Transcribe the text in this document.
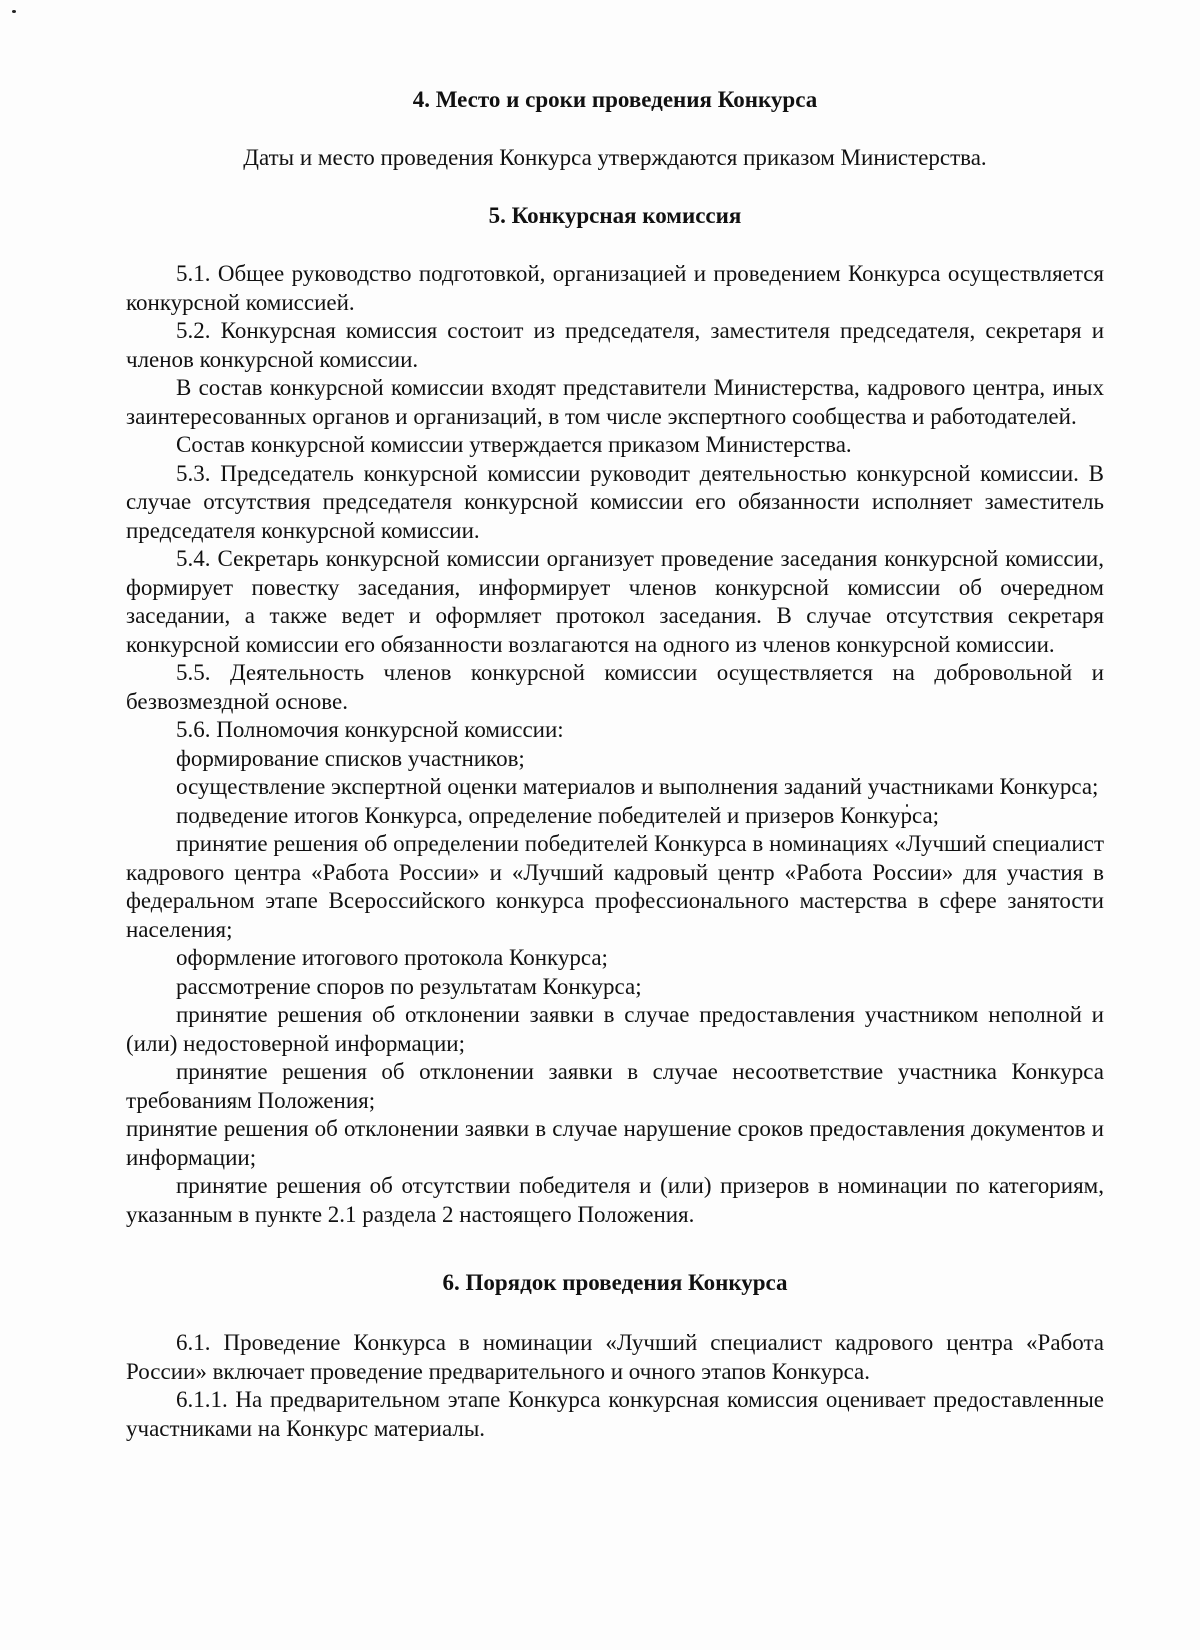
4. Место и сроки проведения Конкурса

Даты и место проведения Конкурса утверждаются приказом Министерства.

5. Конкурсная комиссия

5.1. Общее руководство подготовкой, организацией и проведением Конкурса осуществляется конкурсной комиссией.

5.2. Конкурсная комиссия состоит из председателя, заместителя председателя, секретаря и членов конкурсной комиссии.

В состав конкурсной комиссии входят представители Министерства, кадрового центра, иных заинтересованных органов и организаций, в том числе экспертного сообщества и работодателей.

Состав конкурсной комиссии утверждается приказом Министерства.

5.3. Председатель конкурсной комиссии руководит деятельностью конкурсной комиссии. В случае отсутствия председателя конкурсной комиссии его обязанности исполняет заместитель председателя конкурсной комиссии.

5.4. Секретарь конкурсной комиссии организует проведение заседания конкурсной комиссии, формирует повестку заседания, информирует членов конкурсной комиссии об очередном заседании, а также ведет и оформляет протокол заседания. В случае отсутствия секретаря конкурсной комиссии его обязанности возлагаются на одного из членов конкурсной комиссии.

5.5. Деятельность членов конкурсной комиссии осуществляется на добровольной и безвозмездной основе.

5.6. Полномочия конкурсной комиссии:

формирование списков участников;

осуществление экспертной оценки материалов и выполнения заданий участниками Конкурса;

подведение итогов Конкурса, определение победителей и призеров Конкурса;

принятие решения об определении победителей Конкурса в номинациях «Лучший специалист кадрового центра «Работа России» и «Лучший кадровый центр «Работа России» для участия в федеральном этапе Всероссийского конкурса профессионального мастерства в сфере занятости населения;

оформление итогового протокола Конкурса;

рассмотрение споров по результатам Конкурса;

принятие решения об отклонении заявки в случае предоставления участником неполной и (или) недостоверной информации;

принятие решения об отклонении заявки в случае несоответствие участника Конкурса требованиям Положения;

принятие решения об отклонении заявки в случае нарушение сроков предоставления документов и информации;

принятие решения об отсутствии победителя и (или) призеров в номинации по категориям, указанным в пункте 2.1 раздела 2 настоящего Положения.

6. Порядок проведения Конкурса

6.1. Проведение Конкурса в номинации «Лучший специалист кадрового центра «Работа России» включает проведение предварительного и очного этапов Конкурса.

6.1.1. На предварительном этапе Конкурса конкурсная комиссия оценивает предоставленные участниками на Конкурс материалы.
